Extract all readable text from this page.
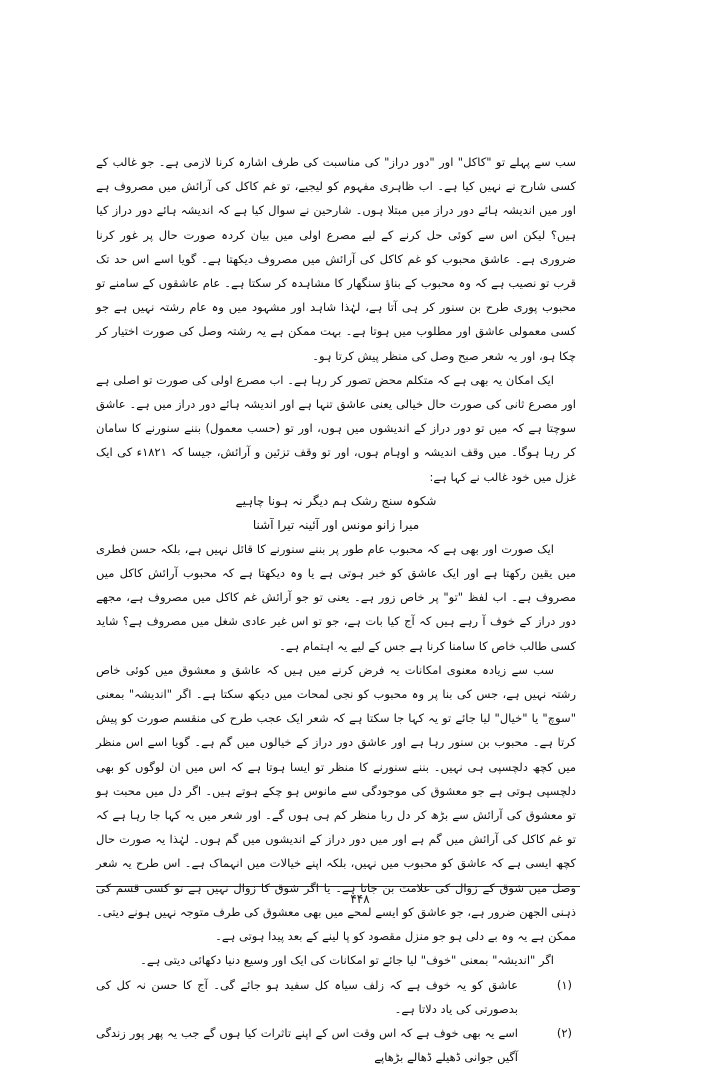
سب سے پہلے تو "کاکل" اور "دور دراز" کی مناسبت کی طرف اشارہ کرنا لازمی ہے۔ جو غالب کے کسی شارح نے نہیں کیا ہے۔ اب ظاہری مفہوم کو لیجیے، تو غم کاکل کی آرائش میں مصروف ہے اور میں اندیشہ ہائے دور دراز میں مبتلا ہوں۔ شارحین نے سوال کیا ہے کہ اندیشہ ہائے دور دراز کیا ہیں؟ لیکن اس سے کوئی حل کرنے کے لیے مصرع اولی میں بیان کردہ صورت حال پر غور کرنا ضروری ہے۔ عاشق محبوب کو غم کاکل کی آرائش میں مصروف دیکھتا ہے۔ گویا اسے اس حد تک قرب تو نصیب ہے کہ وہ محبوب کے بناؤ سنگھار کا مشاہدہ کر سکتا ہے۔ عام عاشقوں کے سامنے تو محبوب پوری طرح بن سنور کر ہی آتا ہے، لہٰذا شاہد اور مشہود میں وہ عام رشتہ نہیں ہے جو کسی معمولی عاشق اور مطلوب میں ہوتا ہے۔ بہت ممکن ہے یہ رشتہ وصل کی صورت اختیار کر چکا ہو، اور یہ شعر صبح وصل کی منظر پیش کرتا ہو۔

ایک امکان یہ بھی ہے کہ متکلم محض تصور کر رہا ہے۔ اب مصرع اولی کی صورت تو اصلی ہے اور مصرع ثانی کی صورت حال خیالی یعنی عاشق تنہا ہے اور اندیشہ ہائے دور دراز میں ہے۔ عاشق سوچتا ہے کہ میں تو دور دراز کے اندیشوں میں ہوں، اور تو (حسب معمول) بننے سنورنے کا سامان کر رہا ہوگا۔ میں وقف اندیشہ و اوہام ہوں، اور تو وقف تزئین و آرائش، جیسا کہ ۱۸۲۱ء کی ایک غزل میں خود غالب نے کہا ہے:

شکوہ سنج رشک ہم دیگر نہ ہونا چاہیے

میرا زانو مونس اور آئینہ تیرا آشنا

ایک صورت اور بھی ہے کہ محبوب عام طور پر بننے سنورنے کا قائل نہیں ہے، بلکہ حسن فطری میں یقین رکھتا ہے اور ایک عاشق کو خبر ہوتی ہے یا وہ دیکھتا ہے کہ محبوب آرائش کاکل میں مصروف ہے۔ اب لفظ "تو" پر خاص زور ہے۔ یعنی تو جو آرائش غم کاکل میں مصروف ہے، مجھے دور دراز کے خوف آ رہے ہیں کہ آج کیا بات ہے، جو تو اس غیر عادی شغل میں مصروف ہے؟ شاید کسی طالب خاص کا سامنا کرنا ہے جس کے لیے یہ اہتمام ہے۔

سب سے زیادہ معنوی امکانات یہ فرض کرنے میں ہیں کہ عاشق و معشوق میں کوئی خاص رشتہ نہیں ہے، جس کی بنا پر وہ محبوب کو نجی لمحات میں دیکھ سکتا ہے۔ اگر "اندیشہ" بمعنی "سوچ" یا "خیال" لیا جائے تو یہ کہا جا سکتا ہے کہ شعر ایک عجب طرح کی منقسم صورت کو پیش کرتا ہے۔ محبوب بن سنور رہا ہے اور عاشق دور دراز کے خیالوں میں گم ہے۔ گویا اسے اس منظر میں کچھ دلچسپی ہی نہیں۔ بننے سنورنے کا منظر تو ایسا ہوتا ہے کہ اس میں ان لوگوں کو بھی دلچسپی ہوتی ہے جو معشوق کی موجودگی سے مانوس ہو چکے ہوتے ہیں۔ اگر دل میں محبت ہو تو معشوق کی آرائش سے بڑھ کر دل ربا منظر کم ہی ہوں گے۔ اور شعر میں یہ کہا جا رہا ہے کہ تو غم کاکل کی آرائش میں گم ہے اور میں دور دراز کے اندیشوں میں گم ہوں۔ لہٰذا یہ صورت حال کچھ ایسی ہے کہ عاشق کو محبوب میں نہیں، بلکہ اپنے خیالات میں انہماک ہے۔ اس طرح یہ شعر وصل میں شوق کے زوال کی علامت بن جاتا ہے۔ یا اگر شوق کا زوال نہیں ہے تو کسی قسم کی ذہنی الجھن ضرور ہے، جو عاشق کو ایسے لمحے میں بھی معشوق کی طرف متوجہ نہیں ہونے دیتی۔ ممکن ہے یہ وہ بے دلی ہو جو منزل مقصود کو پا لینے کے بعد پیدا ہوتی ہے۔

اگر "اندیشہ" بمعنی "خوف" لیا جائے تو امکانات کی ایک اور وسیع دنیا دکھائی دیتی ہے۔

(۱)
عاشق کو یہ خوف ہے کہ زلف سیاہ کل سفید ہو جائے گی۔ آج کا حسن نہ کل کی بدصورتی کی یاد دلاتا ہے۔
(۲)
اسے یہ بھی خوف ہے کہ اس وقت اس کے اپنے تاثرات کیا ہوں گے جب یہ پھر پور زندگی آگیں جوانی ڈھیلے ڈھالے بڑھاپے
۴۴۸
